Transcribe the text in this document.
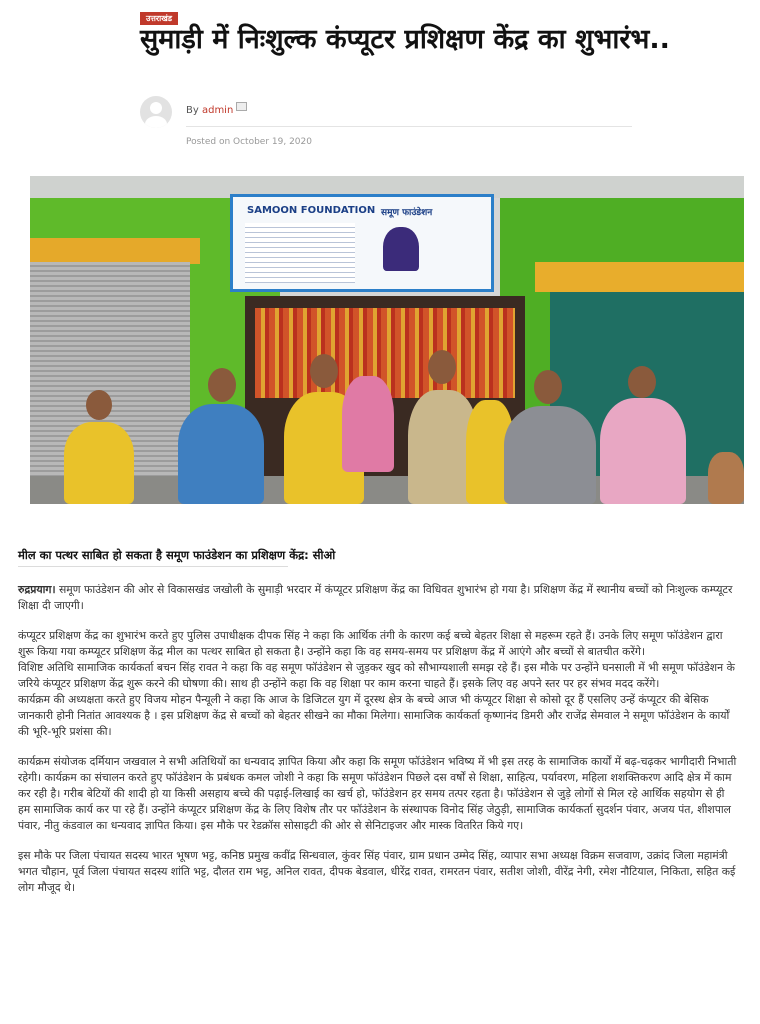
उत्तराखंड
सुमाड़ी में निःशुल्क कंप्यूटर प्रशिक्षण केंद्र का शुभारंभ..
By admin
Posted on October 19, 2020
SAMOON FOUNDATION समूण फाउंडेशन
मील का पत्थर साबित हो सकता है समूण फाउंडेशन का प्रशिक्षण केंद्र: सीओ

रुद्रप्रयाग। समूण फाउंडेशन की ओर से विकासखंड जखोली के सुमाड़ी भरदार में कंप्यूटर प्रशिक्षण केंद्र का विधिवत शुभारंभ हो गया है। प्रशिक्षण केंद्र में स्थानीय बच्चों को निःशुल्क कम्प्यूटर शिक्षा दी जाएगी।

कंप्यूटर प्रशिक्षण केंद्र का शुभारंभ करते हुए पुलिस उपाधीक्षक दीपक सिंह ने कहा कि आर्थिक तंगी के कारण कई बच्चे बेहतर शिक्षा से महरूम रहते हैं। उनके लिए समूण फॉउंडेशन द्वारा शुरू किया गया कम्प्यूटर प्रशिक्षण केंद्र मील का पत्थर साबित हो सकता है। उन्होंने कहा कि वह समय-समय पर प्रशिक्षण केंद्र में आएंगे और बच्चों से बातचीत करेंगे।

विशिष्ट अतिथि सामाजिक कार्यकर्ता बचन सिंह रावत ने कहा कि वह समूण फॉउंडेशन से जुड़कर खुद को सौभाग्यशाली समझ रहे हैं। इस मौके पर उन्होंने घनसाली में भी समूण फॉउंडेशन के जरिये कंप्यूटर प्रशिक्षण केंद्र शुरू करने की घोषणा की। साथ ही उन्होंने कहा कि वह शिक्षा पर काम करना चाहते हैं। इसके लिए वह अपने स्तर पर हर संभव मदद करेंगे।

कार्यक्रम की अध्यक्षता करते हुए विजय मोहन पैन्यूली ने कहा कि आज के डिजिटल युग में दूरस्थ क्षेत्र के बच्चे आज भी कंप्यूटर शिक्षा से कोसो दूर हैं एसलिए उन्हें कंप्यूटर की बेसिक जानकारी होनी नितांत आवश्यक है । इस प्रशिक्षण केंद्र से बच्चों को बेहतर सीखने का मौका मिलेगा। सामाजिक कार्यकर्ता कृष्णानंद डिमरी और राजेंद्र सेमवाल ने समूण फॉउंडेशन के कार्यों की भूरि-भूरि प्रशंसा की।

कार्यक्रम संयोजक दर्मियान जखवाल ने सभी अतिथियों का धन्यवाद ज्ञापित किया और कहा कि समूण फॉउंडेशन भविष्य में भी इस तरह के सामाजिक कार्यों में बढ़-चढ़कर भागीदारी निभाती रहेगी। कार्यक्रम का संचालन करते हुए फॉउंडेशन के प्रबंधक कमल जोशी ने कहा कि समूण फॉउंडेशन पिछले दस वर्षों से शिक्षा, साहित्य, पर्यावरण, महिला शशक्तिकरण आदि क्षेत्र में काम कर रही है। गरीब बेटियों की शादी हो या किसी असहाय बच्चे की पढ़ाई-लिखाई का खर्च हो, फॉउंडेशन हर समय तत्पर रहता है। फॉउंडेशन से जुड़े लोगों से मिल रहे आर्थिक सहयोग से ही हम सामाजिक कार्य कर पा रहे हैं। उन्होंने कंप्यूटर प्रशिक्षण केंद्र के लिए विशेष तौर पर फॉउंडेशन के संस्थापक विनोद सिंह जेठुड़ी, सामाजिक कार्यकर्ता सुदर्शन पंवार, अजय पंत, शीशपाल पंवार, नीतु कंडवाल का धन्यवाद ज्ञापित किया। इस मौके पर रेडक्रॉस सोसाइटी की ओर से सेनिटाइजर और मास्क वितरित किये गए।

इस मौके पर जिला पंचायत सदस्य भारत भूषण भट्ट, कनिष्ठ प्रमुख कवींद्र सिन्धवाल, कुंवर सिंह पंवार, ग्राम प्रधान उम्मेद सिंह, व्यापार सभा अध्यक्ष विक्रम सजवाण, उक्रांद जिला महामंत्री भगत चौहान, पूर्व जिला पंचायत सदस्य शांति भट्ट, दौलत राम भट्ट, अनिल रावत, दीपक बेडवाल, धीरेंद्र रावत, रामरतन पंवार, सतीश जोशी, वीरेंद्र नेगी, रमेश नौटियाल, निकिता, सहित कई लोग मौजूद थे।
